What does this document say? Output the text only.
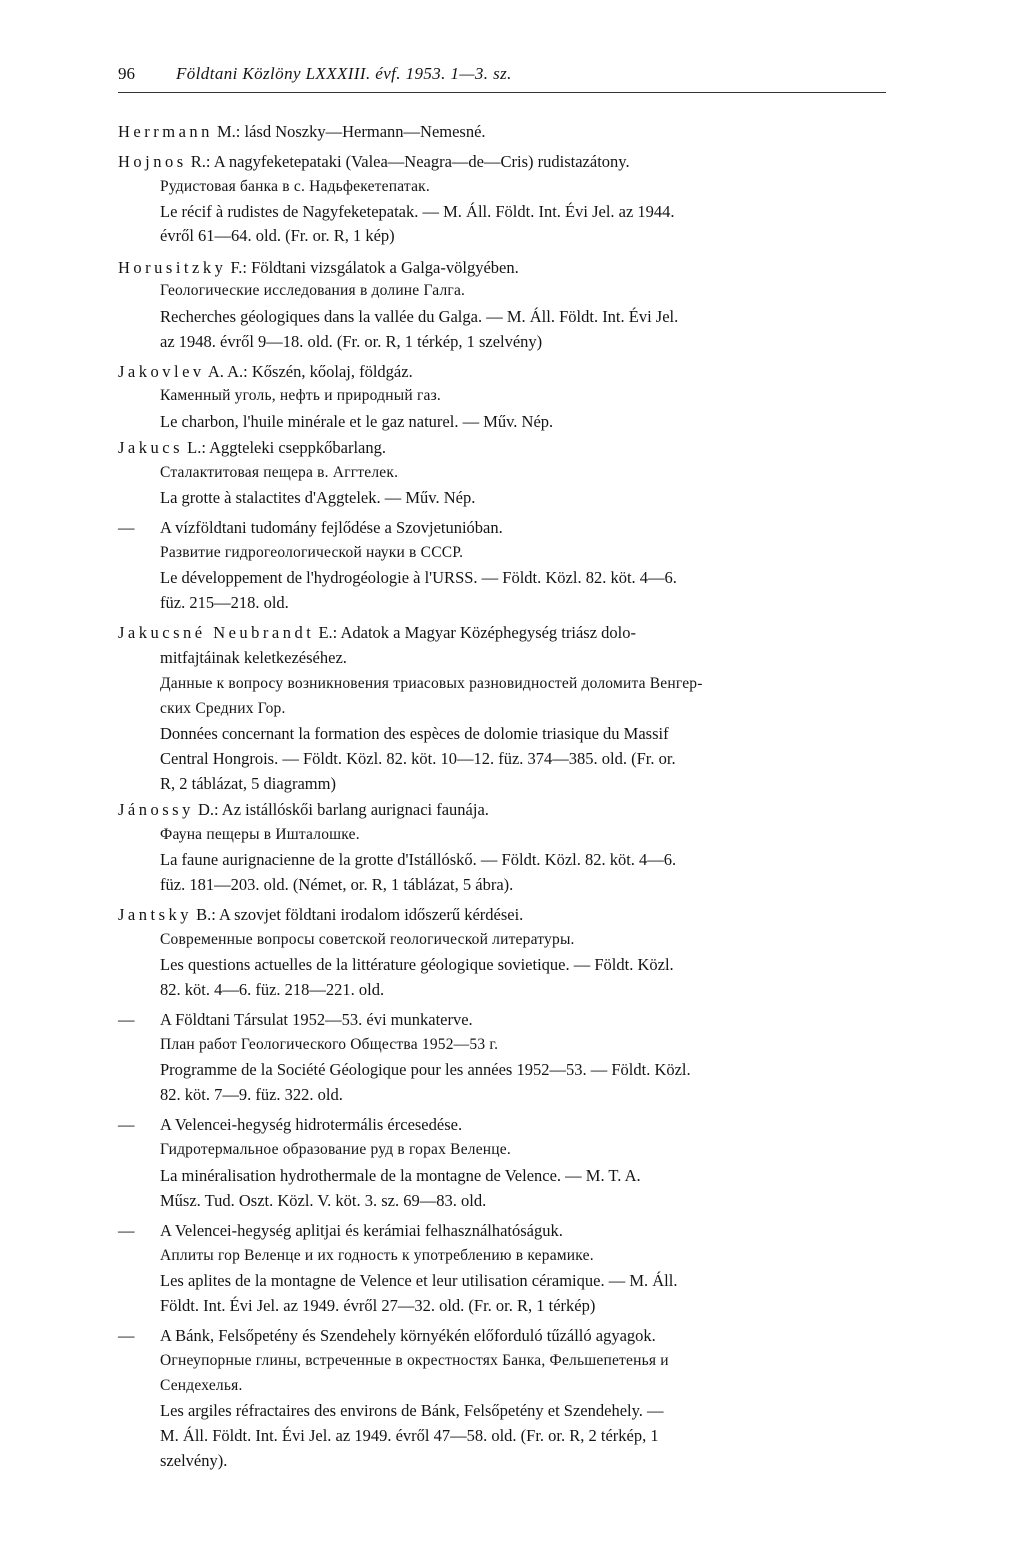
96 Földtani Közlöny LXXXIII. évf. 1953. 1—3. sz.
Herrmann M.: lásd Noszky—Hermann—Nemesné.
Hojnos R.: A nagyfeketepataki (Valea—Neagra—de—Cris) rudistazátony.
Рудистовая банка в с. Надьфекетепатак.
Le récif à rudistes de Nagyfeketepatak. — M. Áll. Földt. Int. Évi Jel. az 1944.
évről 61—64. old. (Fr. or. R, 1 kép)
Horusitzky F.: Földtani vizsgálatok a Galga-völgyében.
Геологические исследования в долине Галга.
Recherches géologiques dans la vallée du Galga. — M. Áll. Földt. Int. Évi Jel.
az 1948. évről 9—18. old. (Fr. or. R, 1 térkép, 1 szelvény)
Jakovlev A. A.: Kőszén, kőolaj, földgáz.
Каменный уголь, нефть и природный газ.
Le charbon, l'huile minérale et le gaz naturel. — Műv. Nép.
Jakucs L.: Aggteleki cseppkőbarlang.
Сталактитовая пещера в. Аггтелек.
La grotte à stalactites d'Aggtelek. — Műv. Nép.
— A vízföldtani tudomány fejlődése a Szovjetunióban.
Развитие гидрогеологической науки в СССР.
Le développement de l'hydrogéologie à l'URSS. — Földt. Közl. 82. köt. 4—6.
füz. 215—218. old.
Jakucsné Neubrandt E.: Adatok a Magyar Középhegység triász dolo-
mitfajtáinak keletkezéséhez.
Данные к вопросу возникновения триасовых разновидностей доломита Венгер-
ских Средних Гор.
Données concernant la formation des espèces de dolomie triasique du Massif
Central Hongrois. — Földt. Közl. 82. köt. 10—12. füz. 374—385. old. (Fr. or.
R, 2 táblázat, 5 diagramm)
Jánossy D.: Az istállóskői barlang aurignaci faunája.
Фауна пещеры в Ишталошке.
La faune aurignacienne de la grotte d'Istállóskő. — Földt. Közl. 82. köt. 4—6.
füz. 181—203. old. (Német, or. R, 1 táblázat, 5 ábra).
Jantsky B.: A szovjet földtani irodalom időszerű kérdései.
Современные вопросы советской геологической литературы.
Les questions actuelles de la littérature géologique sovietique. — Földt. Közl.
82. köt. 4—6. füz. 218—221. old.
— A Földtani Társulat 1952—53. évi munkaterve.
План работ Геологического Общества 1952—53 г.
Programme de la Société Géologique pour les années 1952—53. — Földt. Közl.
82. köt. 7—9. füz. 322. old.
— A Velencei-hegység hidrotermális ércesedése.
Гидротермальное образование руд в горах Веленце.
La minéralisation hydrothermale de la montagne de Velence. — M. T. A.
Műsz. Tud. Oszt. Közl. V. köt. 3. sz. 69—83. old.
— A Velencei-hegység aplitjai és kerámiai felhasználhatóságuk.
Аплиты гор Веленце и их годность к употреблению в керамике.
Les aplites de la montagne de Velence et leur utilisation céramique. — M. Áll.
Földt. Int. Évi Jel. az 1949. évről 27—32. old. (Fr. or. R, 1 térkép)
— A Bánk, Felsőpetény és Szendehely környékén előforduló tűzálló agyagok.
Огнеупорные глины, встреченные в окрестностях Банка, Фельшепетенья и
Сендехелья.
Les argiles réfractaires des environs de Bánk, Felsőpetény et Szendehely. —
M. Áll. Földt. Int. Évi Jel. az 1949. évről 47—58. old. (Fr. or. R, 2 térkép, 1
szelvény).
